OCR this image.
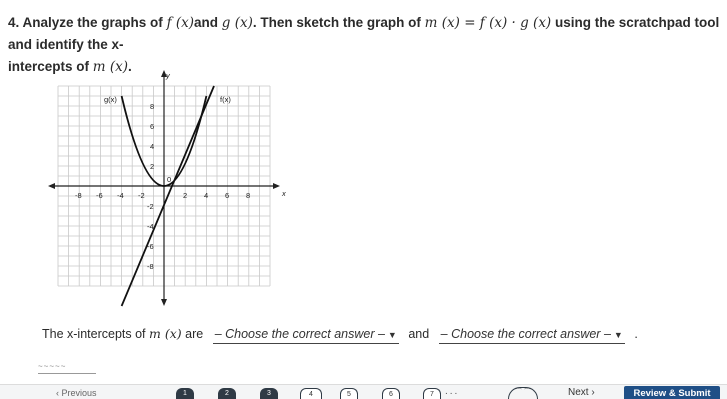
4. Analyze the graphs of f (x)and g (x). Then sketch the graph of m (x) = f (x) · g (x) using the scratchpad tool and identify the x-
intercepts of m (x).
y
x
g(x)	f(x)
-8 -6 -4 -2
0
2 4 6 8
8
6
4
2
-2
-4
-6
-8
The x-intercepts of m (x) are – Choose the correct answer – ▼ and – Choose the correct answer – ▼ .
~~~~~
‹ Previous	1	2	3	4	5	6	7	...	⌒ ⌒	Next ›	Review & Submit
